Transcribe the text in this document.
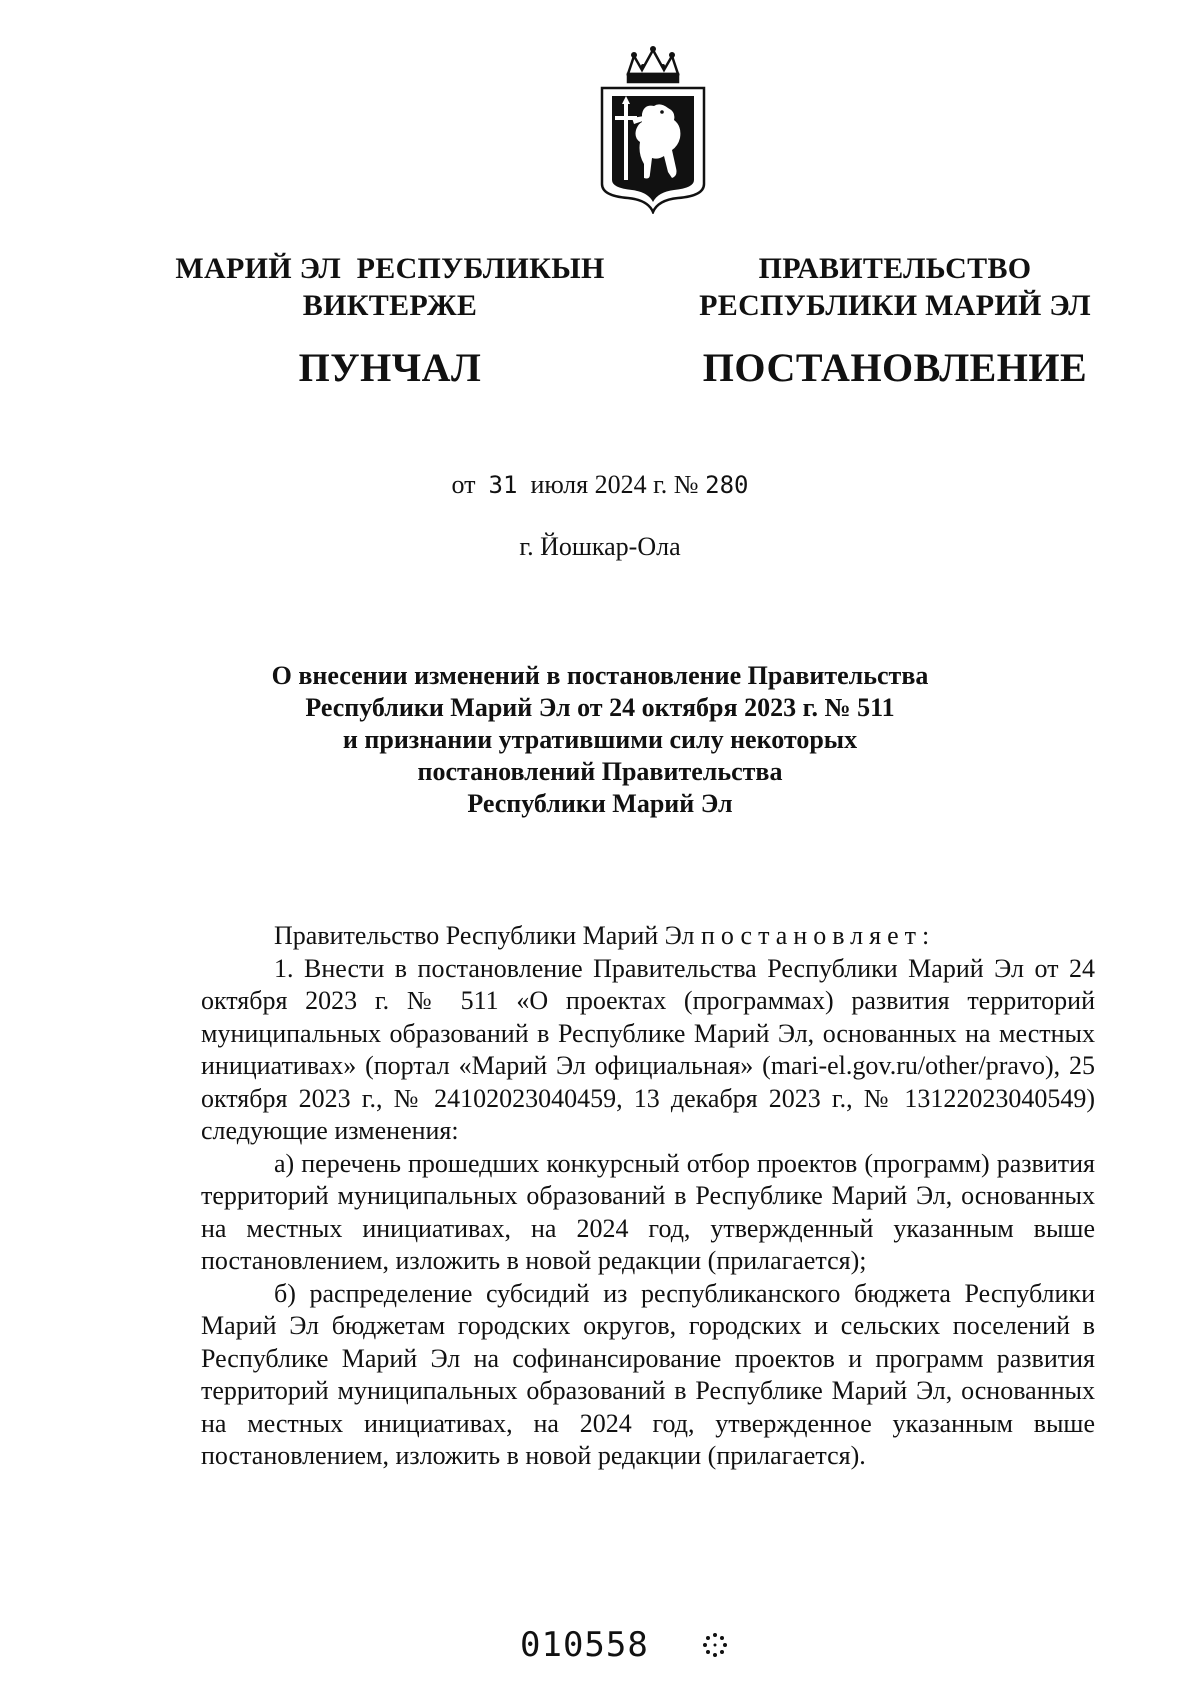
МАРИЙ ЭЛ  РЕСПУБЛИКЫН
ВИКТЕРЖЕ
ПУНЧАЛ
ПРАВИТЕЛЬСТВО
РЕСПУБЛИКИ МАРИЙ ЭЛ
ПОСТАНОВЛЕНИЕ
от 31 июля 2024 г. № 280
г. Йошкар-Ола
О внесении изменений в постановление Правительства
Республики Марий Эл от 24 октября 2023 г. № 511
и признании утратившими силу некоторых
постановлений Правительства
Республики Марий Эл

Правительство Республики Марий Эл постановляет:

1. Внести в постановление Правительства Республики Марий Эл от 24 октября 2023 г. № 511 «О проектах (программах) развития территорий муниципальных образований в Республике Марий Эл, основанных на местных инициативах» (портал «Марий Эл официальная» (mari-el.gov.ru/other/pravo), 25 октября 2023 г., № 24102023040459, 13 декабря 2023 г., № 13122023040549) следующие изменения:

а) перечень прошедших конкурсный отбор проектов (программ) развития территорий муниципальных образований в Республике Марий Эл, основанных на местных инициативах, на 2024 год, утвержденный указанным выше постановлением, изложить в новой редакции (прилагается);

б) распределение субсидий из республиканского бюджета Республики Марий Эл бюджетам городских округов, городских и сельских поселений в Республике Марий Эл на софинансирование проектов и программ развития территорий муниципальных образований в Республике Марий Эл, основанных на местных инициативах, на 2024 год, утвержденное указанным выше постановлением, изложить в новой редакции (прилагается).

010558
